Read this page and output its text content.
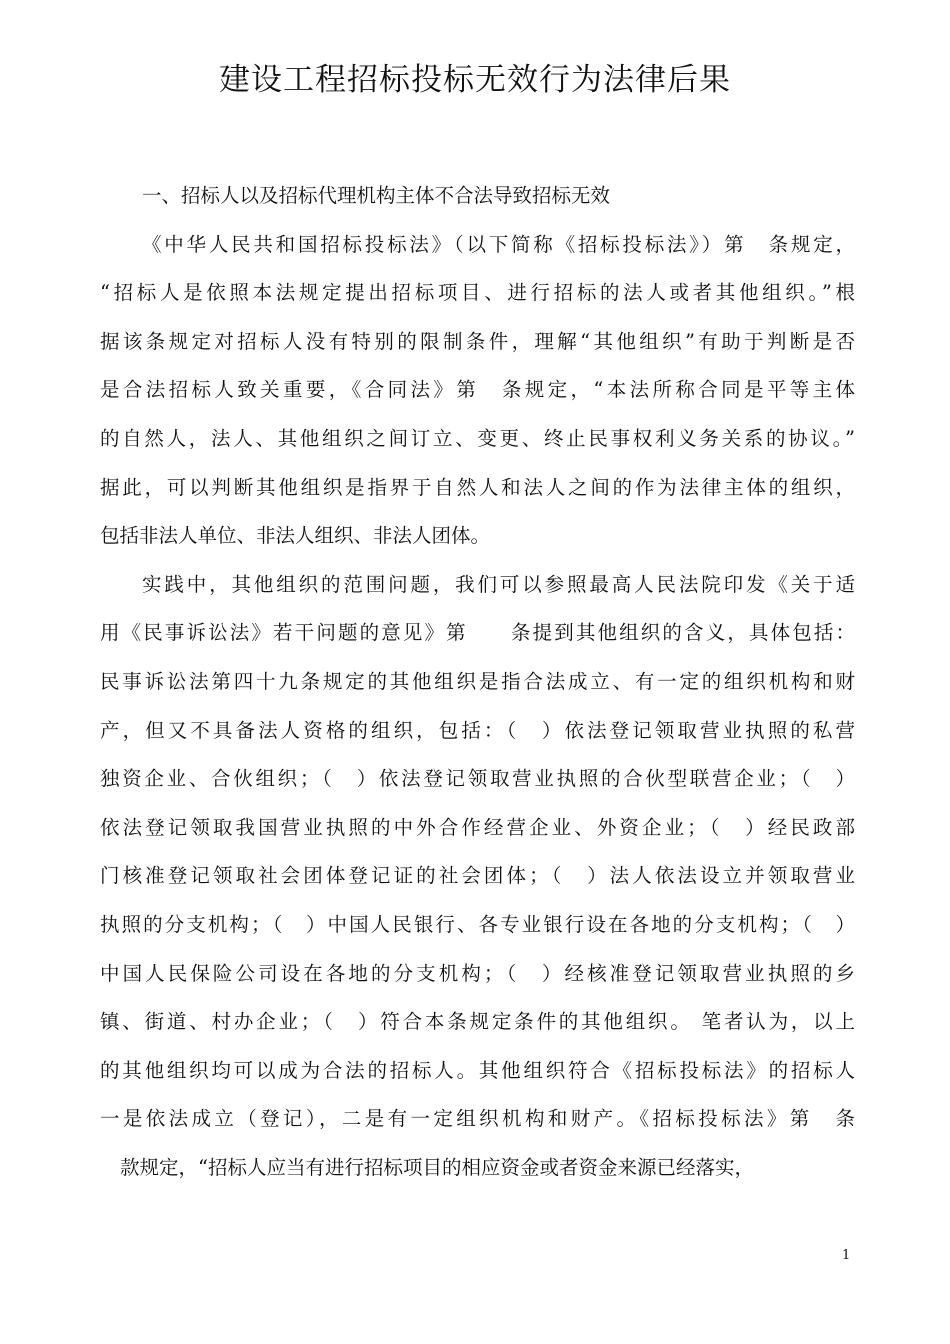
建设工程招标投标无效行为法律后果
一、招标人以及招标代理机构主体不合法导致招标无效
《中华人民共和国招标投标法》（以下简称《招标投标法》）第　条规定，
“招标人是依照本法规定提出招标项目、进行招标的法人或者其他组织。”根
据该条规定对招标人没有特别的限制条件，理解“其他组织”有助于判断是否
是合法招标人致关重要，《合同法》第　条规定，“本法所称合同是平等主体
的自然人，法人、其他组织之间订立、变更、终止民事权利义务关系的协议。”
据此，可以判断其他组织是指界于自然人和法人之间的作为法律主体的组织，
包括非法人单位、非法人组织、非法人团体。
实践中，其他组织的范围问题，我们可以参照最高人民法院印发《关于适
用《民事诉讼法》若干问题的意见》第　　条提到其他组织的含义，具体包括：
民事诉讼法第四十九条规定的其他组织是指合法成立、有一定的组织机构和财
产，但又不具备法人资格的组织，包括：（　）依法登记领取营业执照的私营
独资企业、合伙组织；（　）依法登记领取营业执照的合伙型联营企业；（　）
依法登记领取我国营业执照的中外合作经营企业、外资企业；（　）经民政部
门核准登记领取社会团体登记证的社会团体；（　）法人依法设立并领取营业
执照的分支机构；（　）中国人民银行、各专业银行设在各地的分支机构；（　）
中国人民保险公司设在各地的分支机构；（　）经核准登记领取营业执照的乡
镇、街道、村办企业；（　）符合本条规定条件的其他组织。 笔者认为，以上
的其他组织均可以成为合法的招标人。其他组织符合《招标投标法》的招标人
一是依法成立（登记），二是有一定组织机构和财产。《招标投标法》第　条
款规定，“招标人应当有进行招标项目的相应资金或者资金来源已经落实，
1
